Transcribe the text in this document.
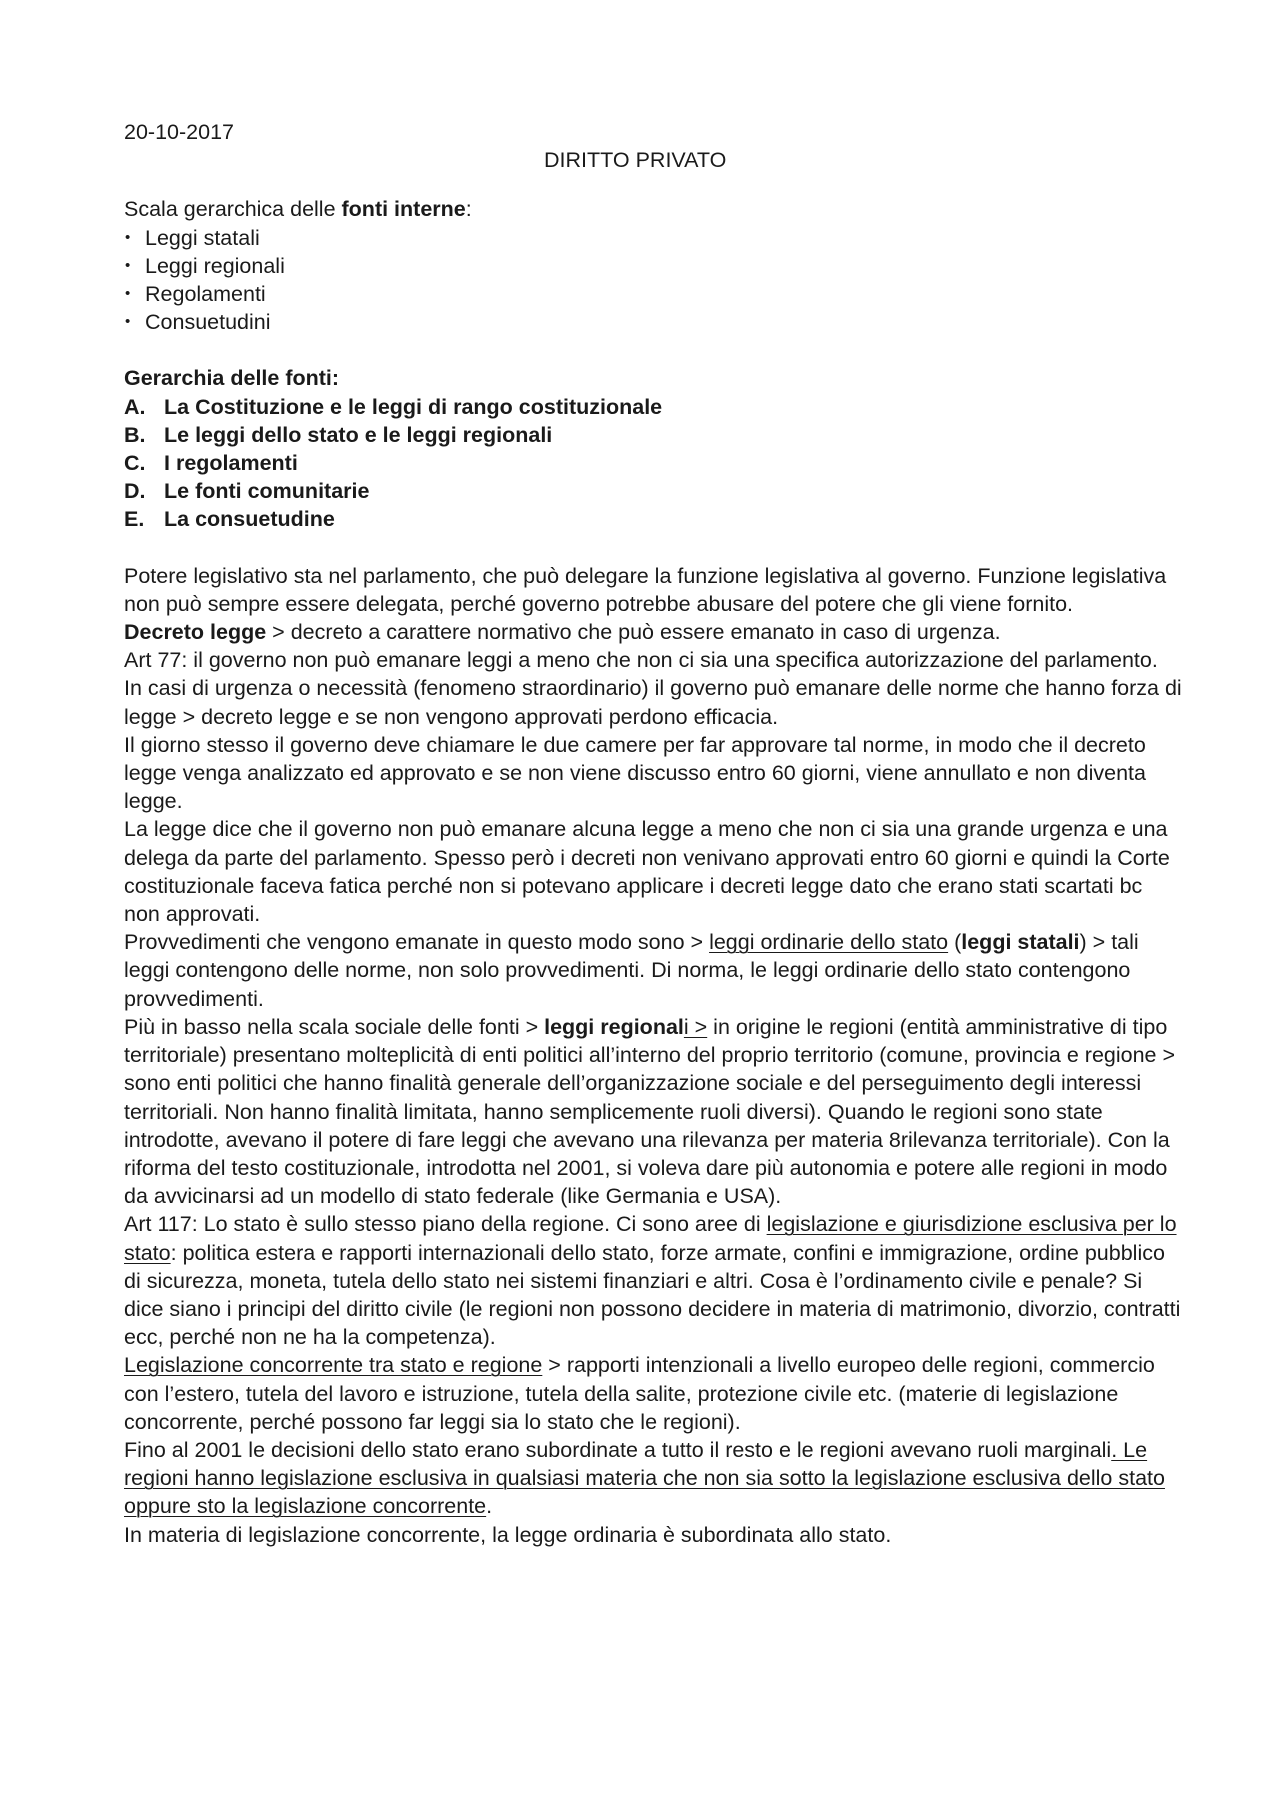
20-10-2017

DIRITTO PRIVATO

Scala gerarchica delle fonti interne:

• Leggi statali
• Leggi regionali
• Regolamenti
• Consuetudini

Gerarchia delle fonti:

A. La Costituzione e le leggi di rango costituzionale
B. Le leggi dello stato e le leggi regionali
C. I regolamenti
D. Le fonti comunitarie
E. La consuetudine

Potere legislativo sta nel parlamento, che può delegare la funzione legislativa al governo. Funzione legislativa non può sempre essere delegata, perché governo potrebbe abusare del potere che gli viene fornito.

Decreto legge > decreto a carattere normativo che può essere emanato in caso di urgenza.

Art 77: il governo non può emanare leggi a meno che non ci sia una specifica autorizzazione del parlamento.

In casi di urgenza o necessità (fenomeno straordinario) il governo può emanare delle norme che hanno forza di legge > decreto legge e se non vengono approvati perdono efficacia.

Il giorno stesso il governo deve chiamare le due camere per far approvare tal norme, in modo che il decreto legge venga analizzato ed approvato e se non viene discusso entro 60 giorni, viene annullato e non diventa legge.

La legge dice che il governo non può emanare alcuna legge a meno che non ci sia una grande urgenza e una delega da parte del parlamento. Spesso però i decreti non venivano approvati entro 60 giorni e quindi la Corte costituzionale faceva fatica perché non si potevano applicare i decreti legge dato che erano stati scartati bc non approvati.

Provvedimenti che vengono emanate in questo modo sono > leggi ordinarie dello stato (leggi statali) > tali leggi contengono delle norme, non solo provvedimenti. Di norma, le leggi ordinarie dello stato contengono provvedimenti.

Più in basso nella scala sociale delle fonti > leggi regionali > in origine le regioni (entità amministrative di tipo territoriale) presentano molteplicità di enti politici all’interno del proprio territorio (comune, provincia e regione > sono enti politici che hanno finalità generale dell’organizzazione sociale e del perseguimento degli interessi territoriali. Non hanno finalità limitata, hanno semplicemente ruoli diversi). Quando le regioni sono state introdotte, avevano il potere di fare leggi che avevano una rilevanza per materia 8rilevanza territoriale). Con la riforma del testo costituzionale, introdotta nel 2001, si voleva dare più autonomia e potere alle regioni in modo da avvicinarsi ad un modello di stato federale (like Germania e USA).

Art 117: Lo stato è sullo stesso piano della regione. Ci sono aree di legislazione e giurisdizione esclusiva per lo stato: politica estera e rapporti internazionali dello stato, forze armate, confini e immigrazione, ordine pubblico di sicurezza, moneta, tutela dello stato nei sistemi finanziari e altri. Cosa è l’ordinamento civile e penale? Si dice siano i principi del diritto civile (le regioni non possono decidere in materia di matrimonio, divorzio, contratti ecc, perché non ne ha la competenza).

Legislazione concorrente tra stato e regione > rapporti intenzionali a livello europeo delle regioni, commercio con l’estero, tutela del lavoro e istruzione, tutela della salite, protezione civile etc. (materie di legislazione concorrente, perché possono far leggi sia lo stato che le regioni).

Fino al 2001 le decisioni dello stato erano subordinate a tutto il resto e le regioni avevano ruoli marginali. Le regioni hanno legislazione esclusiva in qualsiasi materia che non sia sotto la legislazione esclusiva dello stato oppure sto la legislazione concorrente.

In materia di legislazione concorrente, la legge ordinaria è subordinata allo stato.
